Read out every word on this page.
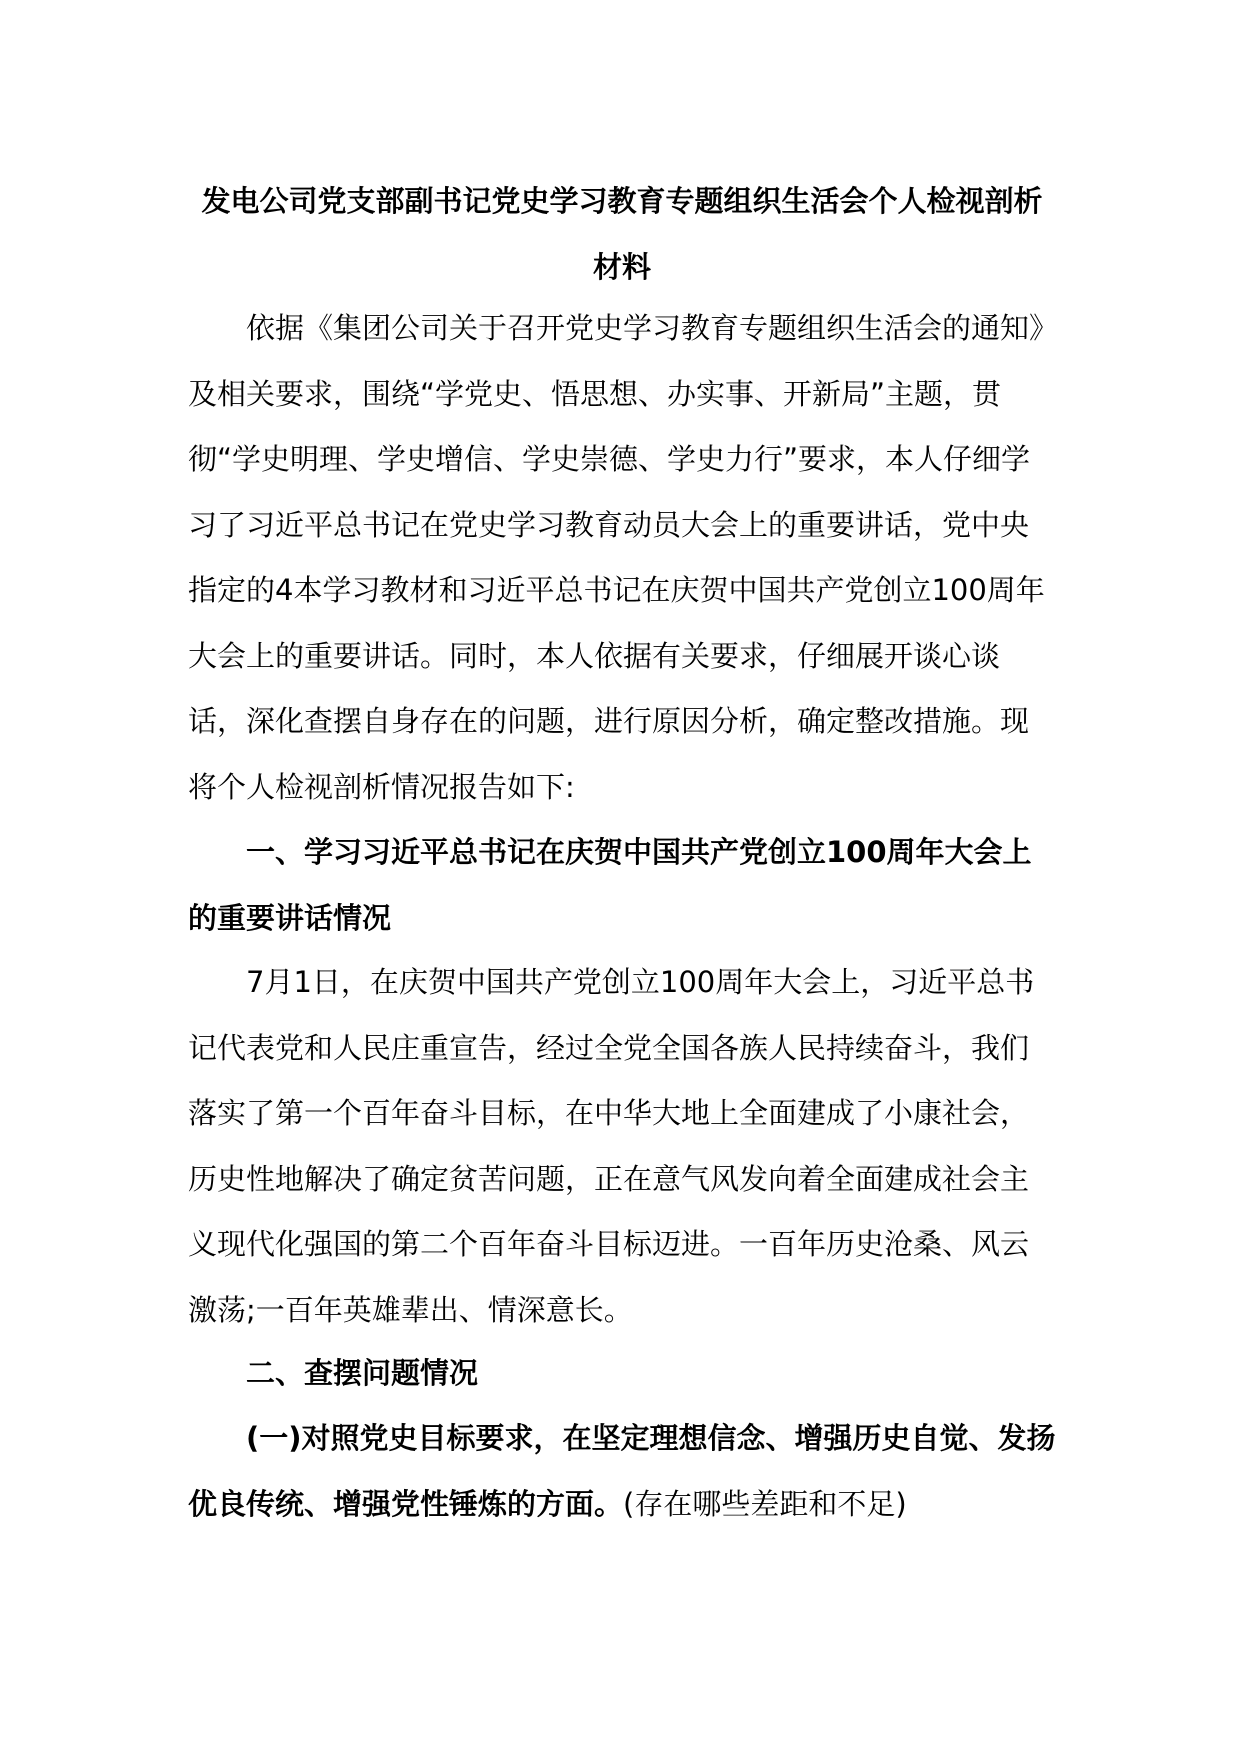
发电公司党支部副书记党史学习教育专题组织生活会个人检视剖析材料

依据《集团公司关于召开党史学习教育专题组织生活会的通知》及相关要求，围绕“学党史、悟思想、办实事、开新局”主题，贯彻“学史明理、学史增信、学史崇德、学史力行”要求，本人仔细学习了习近平总书记在党史学习教育动员大会上的重要讲话，党中央指定的4本学习教材和习近平总书记在庆贺中国共产党创立100周年大会上的重要讲话。同时，本人依据有关要求，仔细展开谈心谈话，深化查摆自身存在的问题，进行原因分析，确定整改措施。现将个人检视剖析情况报告如下:

一、学习习近平总书记在庆贺中国共产党创立100周年大会上的重要讲话情况

7月1日，在庆贺中国共产党创立100周年大会上，习近平总书记代表党和人民庄重宣告，经过全党全国各族人民持续奋斗，我们落实了第一个百年奋斗目标，在中华大地上全面建成了小康社会，历史性地解决了确定贫苦问题，正在意气风发向着全面建成社会主义现代化强国的第二个百年奋斗目标迈进。一百年历史沧桑、风云激荡;一百年英雄辈出、情深意长。

二、查摆问题情况

(一)对照党史目标要求，在坚定理想信念、增强历史自觉、发扬优良传统、增强党性锤炼的方面。(存在哪些差距和不足)
